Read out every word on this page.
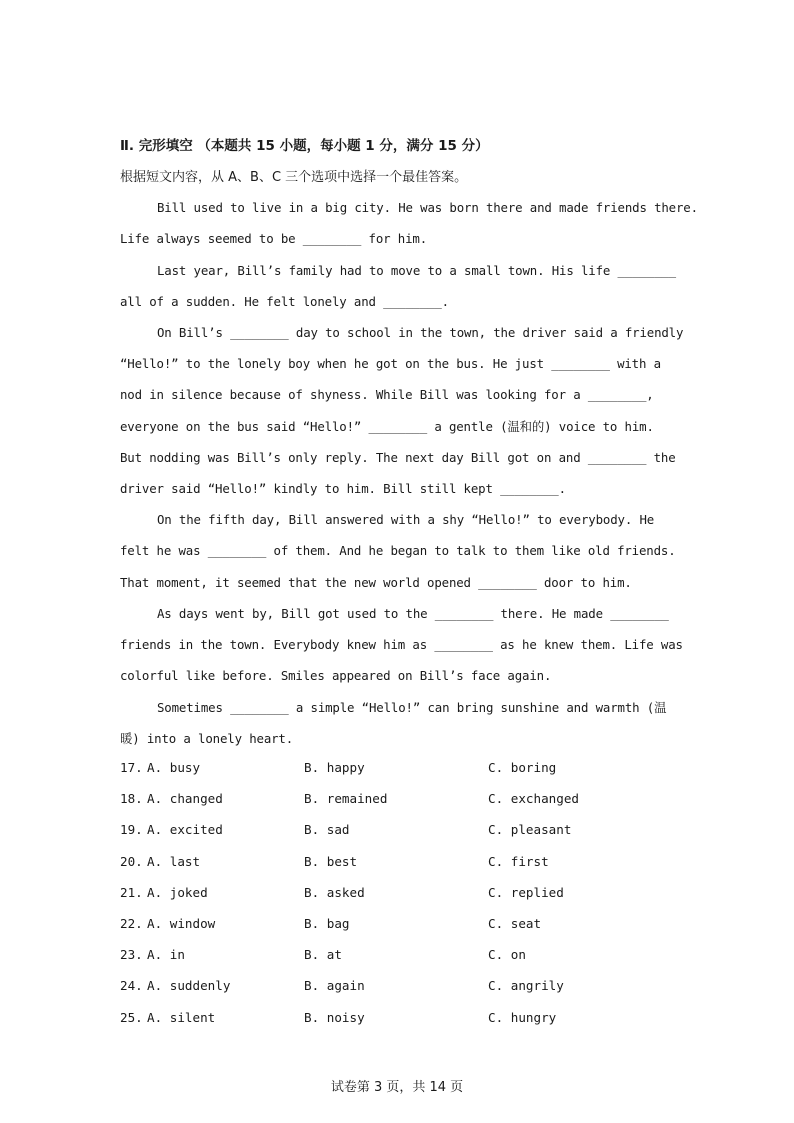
Ⅱ. 完形填空 （本题共 15 小题，每小题 1 分，满分 15 分）
根据短文内容，从 A、B、C 三个选项中选择一个最佳答案。
Bill used to live in a big city. He was born there and made friends there.
Life always seemed to be ________ for him.
Last year, Bill’s family had to move to a small town. His life ________
all of a sudden. He felt lonely and ________.
On Bill’s ________ day to school in the town, the driver said a friendly
“Hello!” to the lonely boy when he got on the bus. He just ________ with a
nod in silence because of shyness. While Bill was looking for a ________,
everyone on the bus said “Hello!” ________ a gentle (温和的) voice to him.
But nodding was Bill’s only reply. The next day Bill got on and ________ the
driver said “Hello!” kindly to him. Bill still kept ________.
On the fifth day, Bill answered with a shy “Hello!” to everybody. He
felt he was ________ of them. And he began to talk to them like old friends.
That moment, it seemed that the new world opened ________ door to him.
As days went by, Bill got used to the ________ there. He made ________
friends in the town. Everybody knew him as ________ as he knew them. Life was
colorful like before. Smiles appeared on Bill’s face again.
Sometimes ________ a simple “Hello!” can bring sunshine and warmth (温
暖) into a lonely heart.
17. A. busy	B. happy	C. boring
18. A. changed	B. remained	C. exchanged
19. A. excited	B. sad	C. pleasant
20. A. last	B. best	C. first
21. A. joked	B. asked	C. replied
22. A. window	B. bag	C. seat
23. A. in	B. at	C. on
24. A. suddenly	B. again	C. angrily
25. A. silent	B. noisy	C. hungry
试卷第 3 页，共 14 页
